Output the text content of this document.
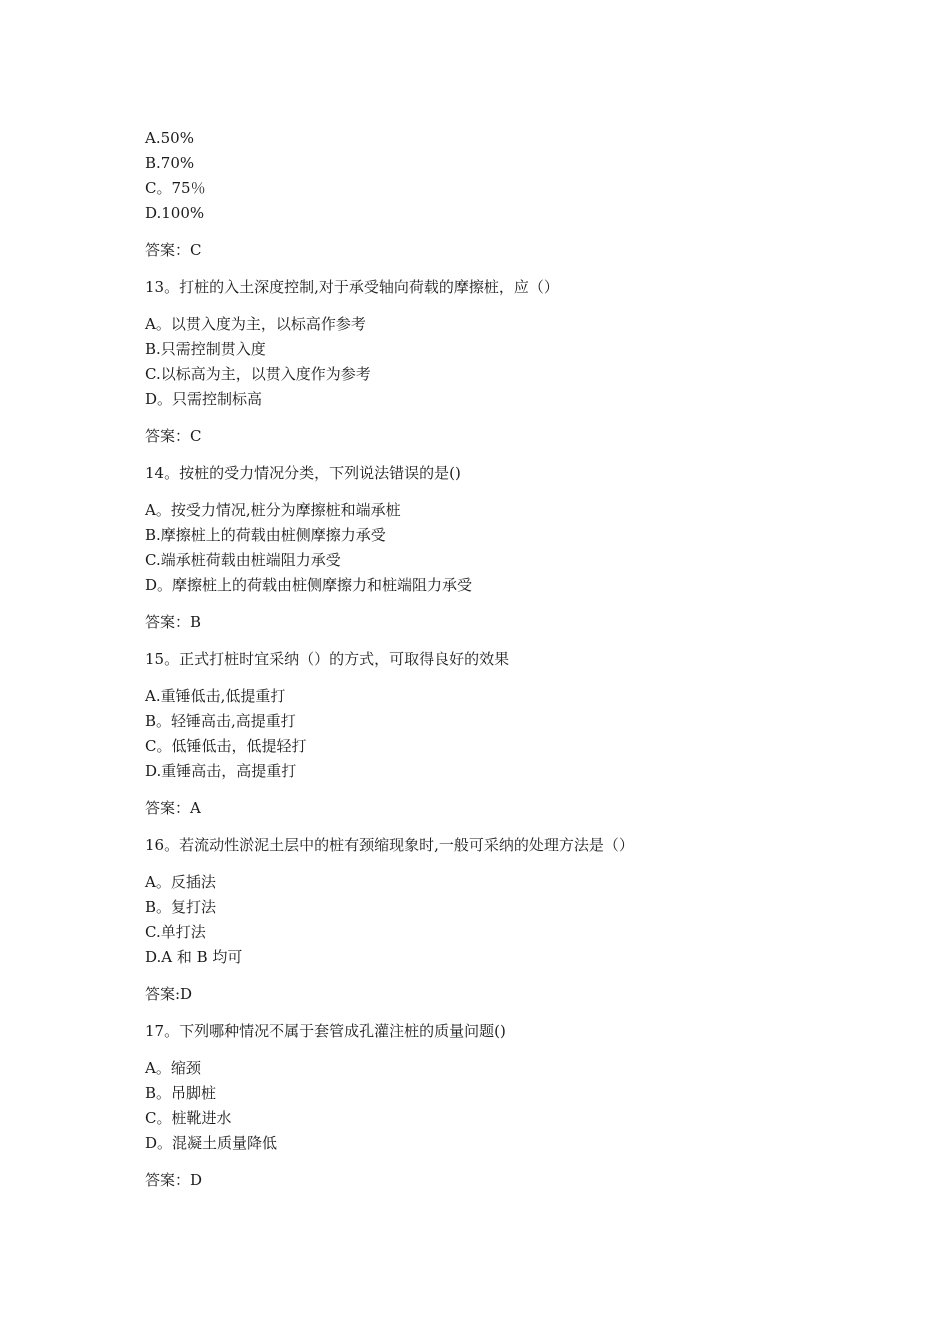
A.50%
B.70%
C。75％
D.100%
答案：C
13。打桩的入土深度控制,对于承受轴向荷载的摩擦桩，应（）
A。以贯入度为主，以标高作参考
B.只需控制贯入度
C.以标高为主，以贯入度作为参考
D。只需控制标高
答案：C
14。按桩的受力情况分类，下列说法错误的是()
A。按受力情况,桩分为摩擦桩和端承桩
B.摩擦桩上的荷载由桩侧摩擦力承受
C.端承桩荷载由桩端阻力承受
D。摩擦桩上的荷载由桩侧摩擦力和桩端阻力承受
答案：B
15。正式打桩时宜采纳（）的方式，可取得良好的效果
A.重锤低击,低提重打
B。轻锤高击,高提重打
C。低锤低击，低提轻打
D.重锤高击，高提重打
答案：A
16。若流动性淤泥土层中的桩有颈缩现象时,一般可采纳的处理方法是（）
A。反插法
B。复打法
C.单打法
D.A 和 B 均可
答案:D
17。下列哪种情况不属于套管成孔灌注桩的质量问题()
A。缩颈
B。吊脚桩
C。桩靴进水
D。混凝土质量降低
答案：D
